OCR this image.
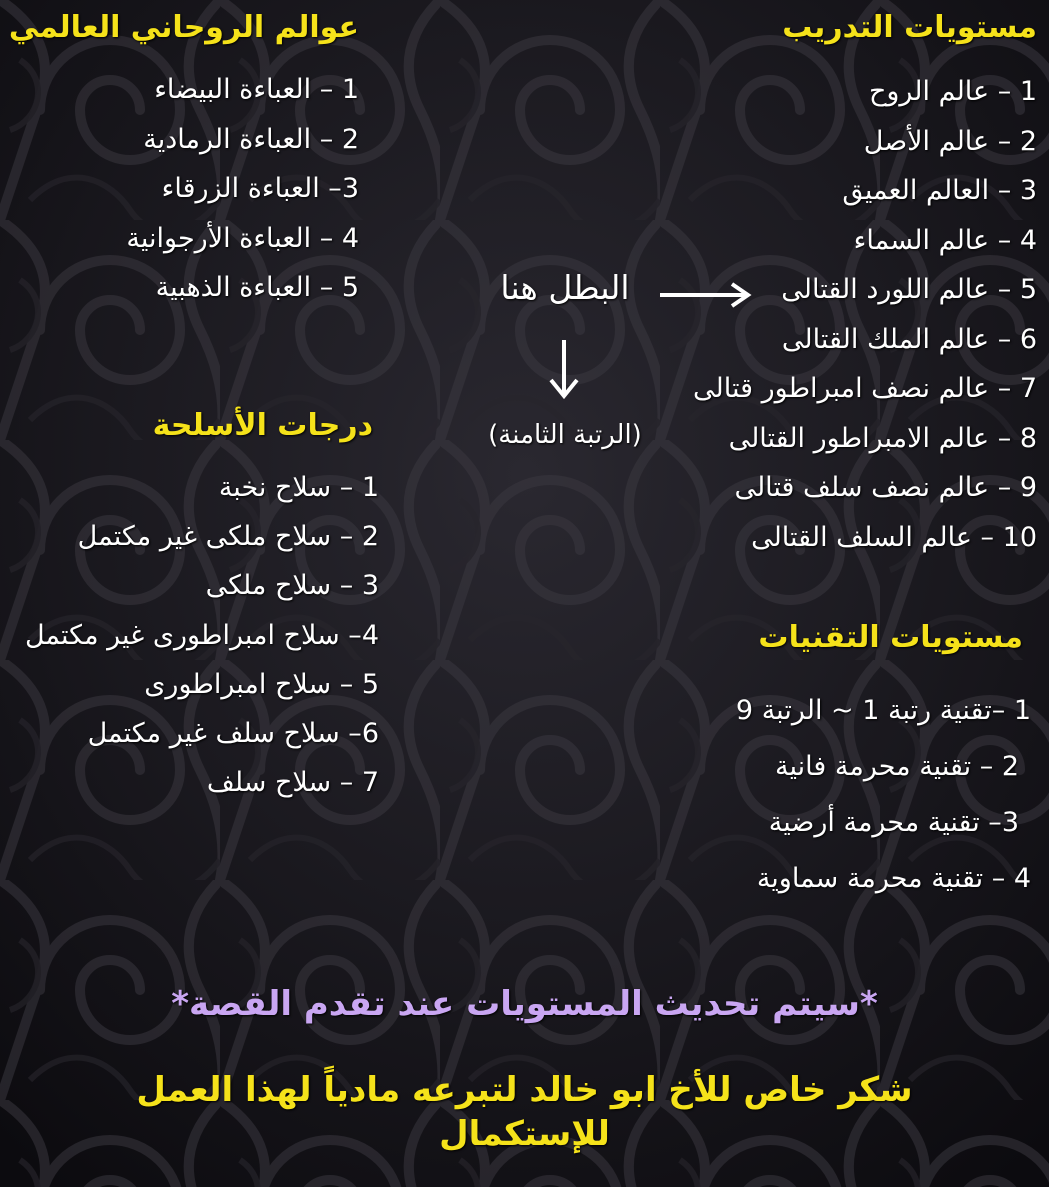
مستويات التدريب
1 – عالم الروح
2 – عالم الأصل
3 – العالم العميق
4 – عالم السماء
5 – عالم اللورد القتالى
6 – عالم الملك القتالى
7 – عالم نصف امبراطور قتالى
8 – عالم الامبراطور القتالى
9 – عالم نصف سلف قتالى
10 – عالم السلف القتالى
عوالم الروحاني العالمي
1 – العباءة البيضاء
2 – العباءة الرمادية
3– العباءة الزرقاء
4 – العباءة الأرجوانية
5 – العباءة الذهبية	البطل هنا
(الرتبة الثامنة)
درجات الأسلحة
1 – سلاح نخبة
2 – سلاح ملكى غير مكتمل
3 – سلاح ملكى
4– سلاح امبراطورى غير مكتمل
5 – سلاح امبراطورى
6– سلاح سلف غير مكتمل
7 – سلاح سلف
مستويات التقنيات
1 –تقنية رتبة 1 ~ الرتبة 9
2 – تقنية محرمة فانية
3– تقنية محرمة أرضية
4 – تقنية محرمة سماوية
*سيتم تحديث المستويات عند تقدم القصة*
شكر خاص للأخ ابو خالد لتبرعه مادياً لهذا العمل
للإستكمال
